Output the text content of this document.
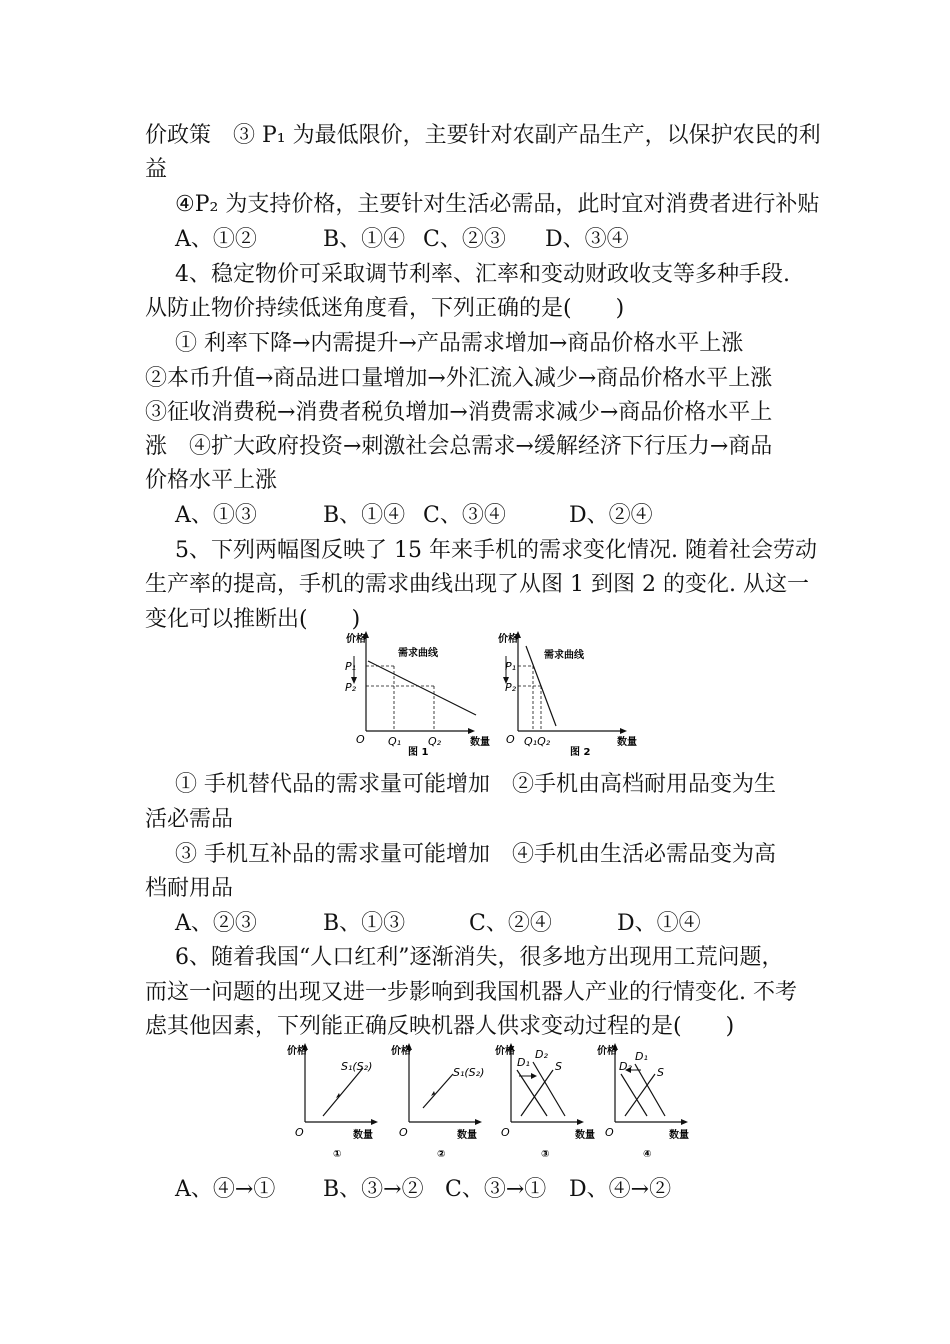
价政策　③ P₁ 为最低限价，主要针对农副产品生产，以保护农民的利
益
④P₂ 为支持价格，主要针对生活必需品，此时宜对消费者进行补贴
A、①②	B、①④ C、②③ D、③④
4、稳定物价可采取调节利率、汇率和变动财政收支等多种手段.
从防止物价持续低迷角度看，下列正确的是(　　)
① 利率下降→内需提升→产品需求增加→商品价格水平上涨
②本币升值→商品进口量增加→外汇流入减少→商品价格水平上涨
③征收消费税→消费者税负增加→消费需求减少→商品价格水平上
涨　④扩大政府投资→刺激社会总需求→缓解经济下行压力→商品
价格水平上涨
A、①③	B、①④ C、③④	D、②④
5、下列两幅图反映了 15 年来手机的需求变化情况. 随着社会劳动
生产率的提高，手机的需求曲线出现了从图 1 到图 2 的变化. 从这一
变化可以推断出(　　)
价格
P₁
P₂
需求曲线
O Q₁ Q₂	数量
图 1
价格
P₁
P₂
需求曲线
O Q₁Q₂	数量
图 2
① 手机替代品的需求量可能增加　②手机由高档耐用品变为生
活必需品
③ 手机互补品的需求量可能增加　④手机由生活必需品变为高
档耐用品
A、②③	B、①③	C、②④	D、①④
6、随着我国“人口红利”逐渐消失，很多地方出现用工荒问题，
而这一问题的出现又进一步影响到我国机器人产业的行情变化. 不考
虑其他因素，下列能正确反映机器人供求变动过程的是(　　)
价格
S₁(S₂)
O	数量
①
价格
S₁(S₂)
O	数量
②
价格
D₁
D₂
S
O	数量
③
价格
D₂
D₁
S
O	数量
④
A、④→① B、③→② C、③→① D、④→②
